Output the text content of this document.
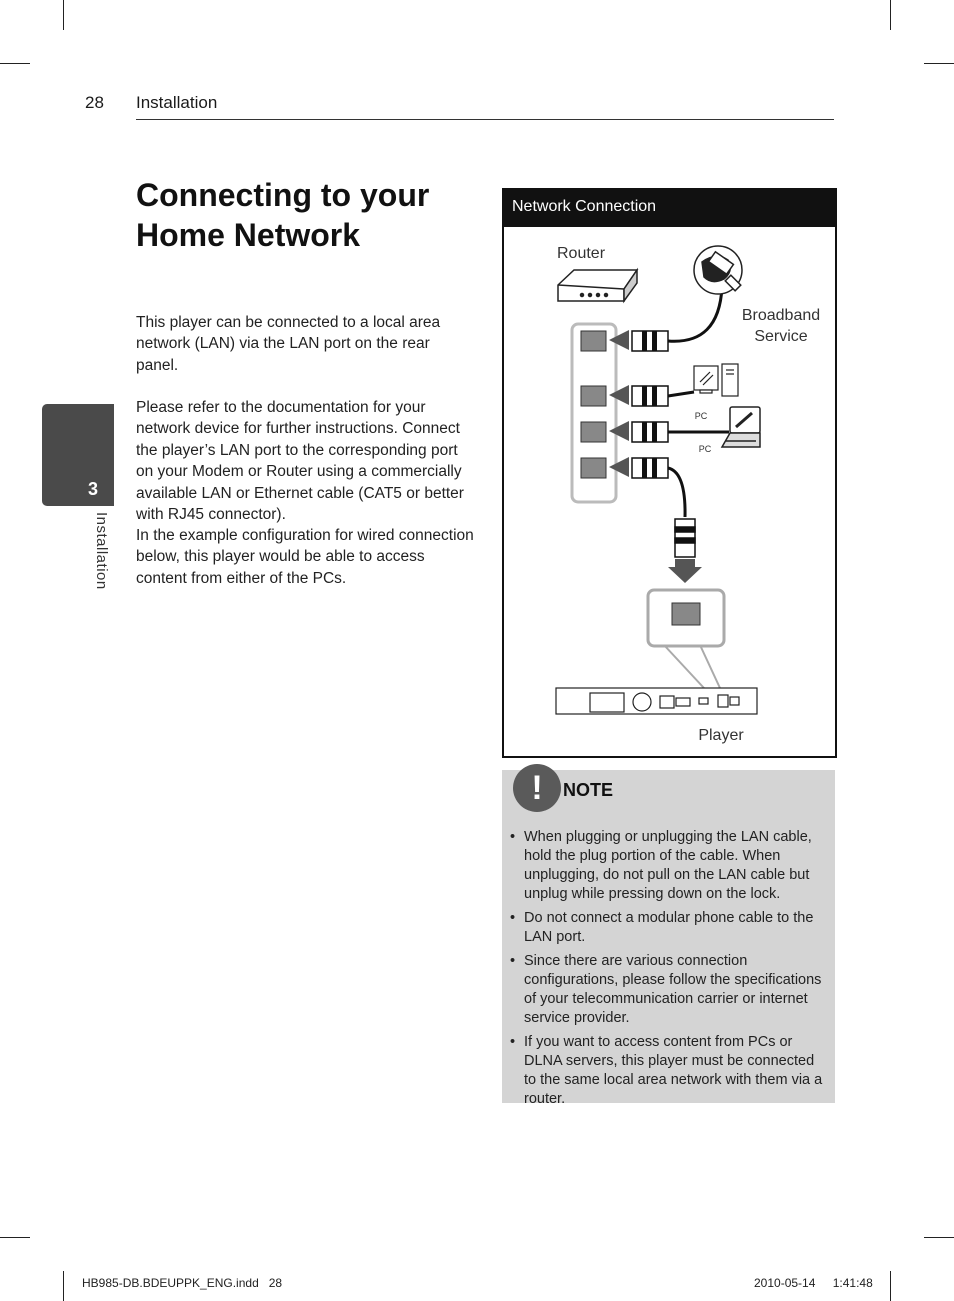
28 Installation
3
Installation
Connecting to your Home Network

This player can be connected to a local area network (LAN) via the LAN port on the rear panel.

Please refer to the documentation for your network device for further instructions. Connect the player’s LAN port to the corresponding port on your Modem or Router using a commercially available LAN or Ethernet cable (CAT5 or better with RJ45 connector).

In the example configuration for wired connection below, this player would be able to access content from either of the PCs.

Network Connection
Router
Broadband
Service
PC
PC
Player
!	NOTE
• When plugging or unplugging the LAN cable, hold the plug portion of the cable. When unplugging, do not pull on the LAN cable but unplug while pressing down on the lock.
• Do not connect a modular phone cable to the LAN port.
• Since there are various connection configurations, please follow the specifications of your telecommunication carrier or internet service provider.
• If you want to access content from PCs or DLNA servers, this player must be connected to the same local area network with them via a router.
HB985-DB.BDEUPPK_ENG.indd   28	2010-05-14 1:41:48
